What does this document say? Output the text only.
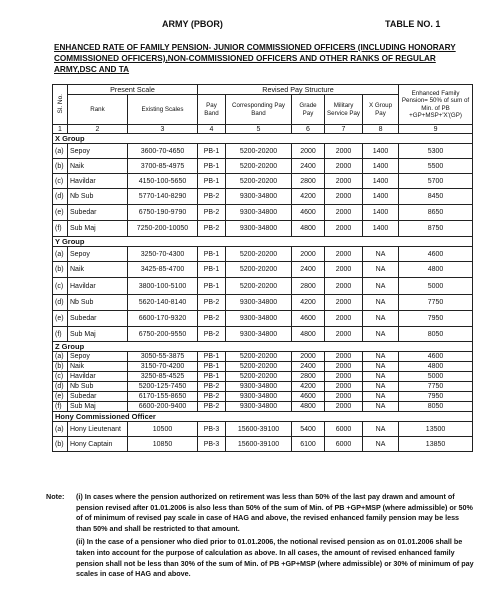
ARMY (PBOR)	TABLE NO. 1
ENHANCED RATE OF FAMILY PENSION- JUNIOR COMMISSIONED OFFICERS (INCLUDING HONORARY COMMISSIONED OFFICERS),NON-COMMISSIONED OFFICERS AND OTHER RANKS OF REGULAR ARMY,DSC AND TA
Sl. No.	Present Scale		Revised Pay Structure					Enhanced Family Pension= 50% of sum of Min. of PB +GP+MSP+'X'(GP)
	Rank	Existing Scales	Pay Band	Corresponding Pay Band	Grade Pay	Military Service Pay	X Group Pay	
1	2	3	4	5	6	7	8	9
X Group								
(a)	Sepoy	3600-70-4650	PB-1	5200-20200	2000	2000	1400	5300
(b)	Naik	3700-85-4975	PB-1	5200-20200	2400	2000	1400	5500
(c)	Havildar	4150-100-5650	PB-1	5200-20200	2800	2000	1400	5700
(d)	Nb Sub	5770-140-8290	PB-2	9300-34800	4200	2000	1400	8450
(e)	Subedar	6750-190-9790	PB-2	9300-34800	4600	2000	1400	8650
(f)	Sub Maj	7250-200-10050	PB-2	9300-34800	4800	2000	1400	8750
Y Group								
(a)	Sepoy	3250-70-4300	PB-1	5200-20200	2000	2000	NA	4600
(b)	Naik	3425-85-4700	PB-1	5200-20200	2400	2000	NA	4800
(c)	Havildar	3800-100-5100	PB-1	5200-20200	2800	2000	NA	5000
(d)	Nb Sub	5620-140-8140	PB-2	9300-34800	4200	2000	NA	7750
(e)	Subedar	6600-170-9320	PB-2	9300-34800	4600	2000	NA	7950
(f)	Sub Maj	6750-200-9550	PB-2	9300-34800	4800	2000	NA	8050
Z Group								
(a)	Sepoy	3050-55-3875	PB-1	5200-20200	2000	2000	NA	4600
(b)	Naik	3150-70-4200	PB-1	5200-20200	2400	2000	NA	4800
(c)	Havildar	3250-85-4525	PB-1	5200-20200	2800	2000	NA	5000
(d)	Nb Sub	5200-125-7450	PB-2	9300-34800	4200	2000	NA	7750
(e)	Subedar	6170-155-8650	PB-2	9300-34800	4600	2000	NA	7950
(f)	Sub Maj	6600-200-9400	PB-2	9300-34800	4800	2000	NA	8050
Hony Commissioned Officer								
(a)	Hony Lieutenant	10500	PB-3	15600-39100	5400	6000	NA	13500
(b)	Hony Captain	10850	PB-3	15600-39100	6100	6000	NA	13850
Note: (i) In cases where the pension authorized on retirement was less than 50% of the last pay drawn and amount of pension revised after 01.01.2006 is also less than 50% of the sum of Min. of PB +GP+MSP (where admissible) or 50% of of minimum of revised pay scale in case of HAG and above, the revised enhanced family pension may be less than 50% and shall be restricted to that amount.

(ii) In the case of a pensioner who died prior to 01.01.2006, the notional revised pension as on 01.01.2006 shall be taken into account for the purpose of calculation as above. In all cases, the amount of revised enhanced family pension shall not be less than 30% of the sum of Min. of PB +GP+MSP (where admissible) or 30% of minimum of pay scales in case of HAG and above.
